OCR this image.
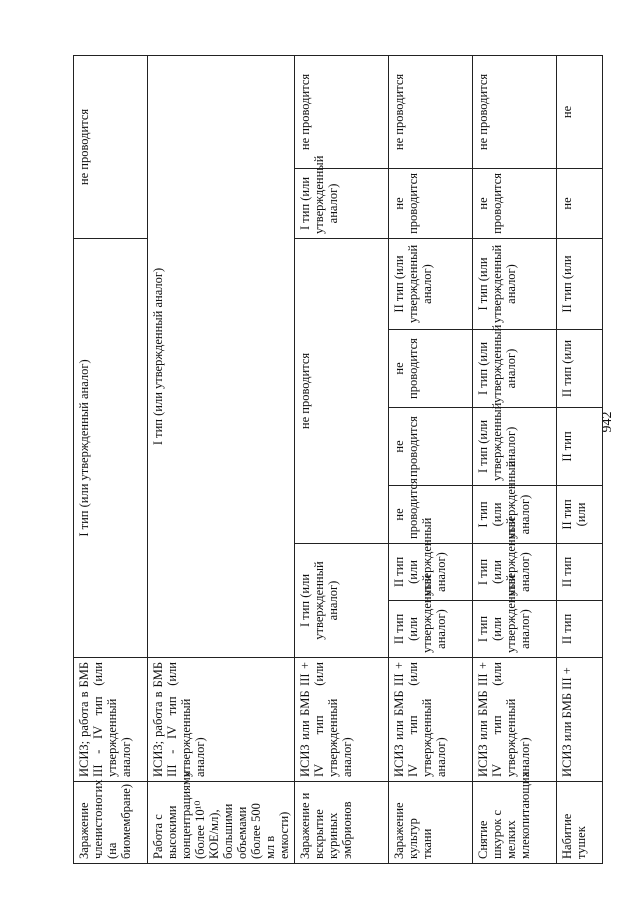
942
Заражение членистоногих (на биомембране)	ИСИЗ; работа в БМБ III - IV тип (или утвержденный аналог)	I тип (или утвержденный аналог)						не проводится	
Работа с высокими концентрациями (более 10¹⁰ КОЕ/мл), большими объемами (более 500 мл в емкости)	ИСИЗ; работа в БМБ III - IV тип (или утвержденный аналог)	I тип (или утвержденный аналог)							
Заражение и вскрытие куриных эмбрионов	ИСИЗ или БМБ III + IV тип (или утвержденный аналог)	I тип (или утвержденный аналог)		не проводится				I тип (или утвержденный аналог)	не проводится
Заражение культур ткани	ИСИЗ или БМБ III + IV тип (или утвержденный аналог)	II тип (или утвержденный аналог)	II тип (или утвержденный аналог)	не проводится	не проводится	не проводится	II тип (или утвержденный аналог)	не проводится	не проводится
Снятие шкурок с мелких млекопитающих	ИСИЗ или БМБ III + IV тип (или утвержденный аналог)	I тип (или утвержденный аналог)	I тип (или утвержденный аналог)	I тип (или утвержденный аналог)	I тип (или утвержденный аналог)	I тип (или утвержденный аналог)	I тип (или утвержденный аналог)	не проводится	не проводится
Набитие тушек	ИСИЗ или БМБ III +	II тип	II тип	II тип (или	II тип	II тип (или	II тип (или	не	не
